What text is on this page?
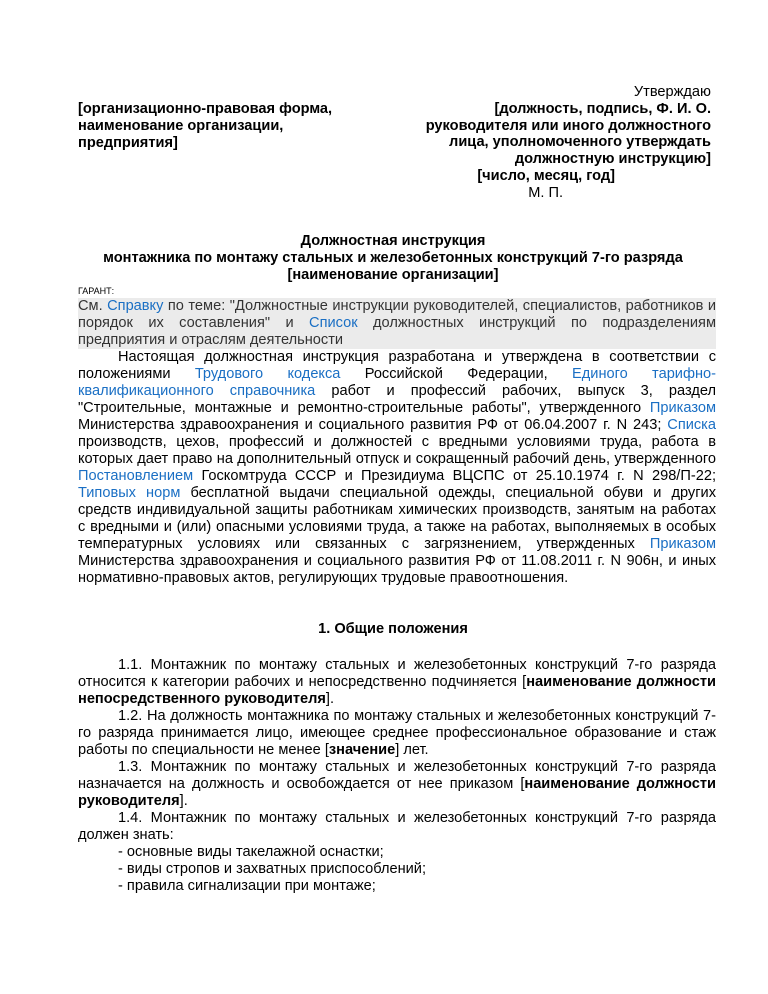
[организационно-правовая форма, наименование организации, предприятия]
Утверждаю
[должность, подпись, Ф. И. О. руководителя или иного должностного лица, уполномоченного утверждать должностную инструкцию]
[число, месяц, год]
М. П.
Должностная инструкция
монтажника по монтажу стальных и железобетонных конструкций 7-го разряда
[наименование организации]
ГАРАНТ:
См. Справку по теме: "Должностные инструкции руководителей, специалистов, работников и порядок их составления" и Список должностных инструкций по подразделениям предприятия и отраслям деятельности
Настоящая должностная инструкция разработана и утверждена в соответствии с положениями Трудового кодекса Российской Федерации, Единого тарифно-квалификационного справочника работ и профессий рабочих, выпуск 3, раздел "Строительные, монтажные и ремонтно-строительные работы", утвержденного Приказом Министерства здравоохранения и социального развития РФ от 06.04.2007 г. N 243; Списка производств, цехов, профессий и должностей с вредными условиями труда, работа в которых дает право на дополнительный отпуск и сокращенный рабочий день, утвержденного Постановлением Госкомтруда СССР и Президиума ВЦСПС от 25.10.1974 г. N 298/П-22; Типовых норм бесплатной выдачи специальной одежды, специальной обуви и других средств индивидуальной защиты работникам химических производств, занятым на работах с вредными и (или) опасными условиями труда, а также на работах, выполняемых в особых температурных условиях или связанных с загрязнением, утвержденных Приказом Министерства здравоохранения и социального развития РФ от 11.08.2011 г. N 906н, и иных нормативно-правовых актов, регулирующих трудовые правоотношения.
1. Общие положения

1.1. Монтажник по монтажу стальных и железобетонных конструкций 7-го разряда относится к категории рабочих и непосредственно подчиняется [наименование должности непосредственного руководителя].

1.2. На должность монтажника по монтажу стальных и железобетонных конструкций 7-го разряда принимается лицо, имеющее среднее профессиональное образование и стаж работы по специальности не менее [значение] лет.

1.3. Монтажник по монтажу стальных и железобетонных конструкций 7-го разряда назначается на должность и освобождается от нее приказом [наименование должности руководителя].

1.4. Монтажник по монтажу стальных и железобетонных конструкций 7-го разряда должен знать:

- основные виды такелажной оснастки;

- виды стропов и захватных приспособлений;

- правила сигнализации при монтаже;
